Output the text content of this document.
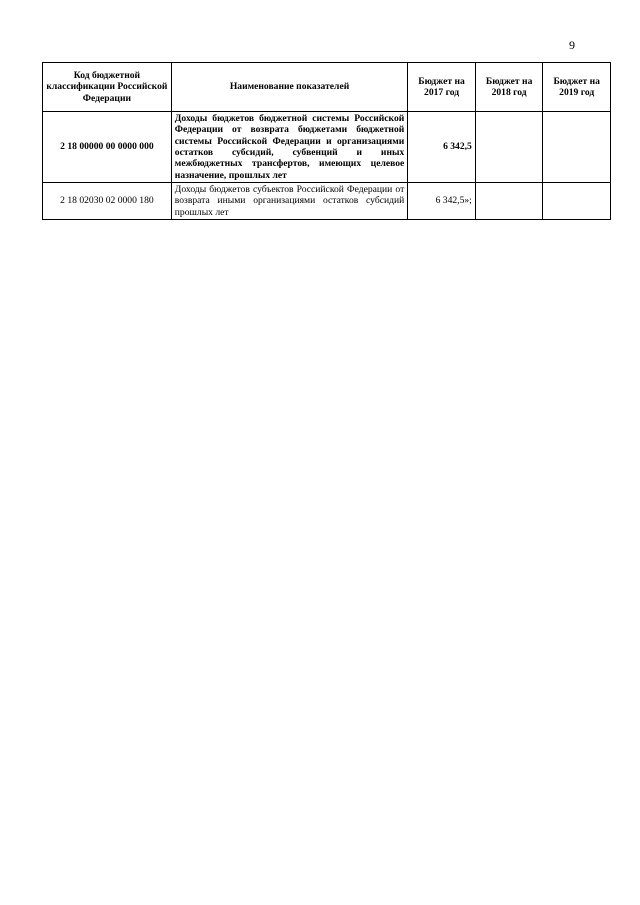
9
Код бюджетной классификации Российской Федерации	Наименование показателей	Бюджет на 2017 год	Бюджет на 2018 год	Бюджет на 2019 год
2 18 00000 00 0000 000	Доходы бюджетов бюджетной системы Российской Федерации от возврата бюджетами бюджетной системы Российской Федерации и организациями остатков субсидий, субвенций и иных межбюджетных трансфертов, имеющих целевое назначение, прошлых лет	6 342,5		
2 18 02030 02 0000 180	Доходы бюджетов субъектов Российской Федерации от возврата иными организациями остатков субсидий прошлых лет	6 342,5»;		
